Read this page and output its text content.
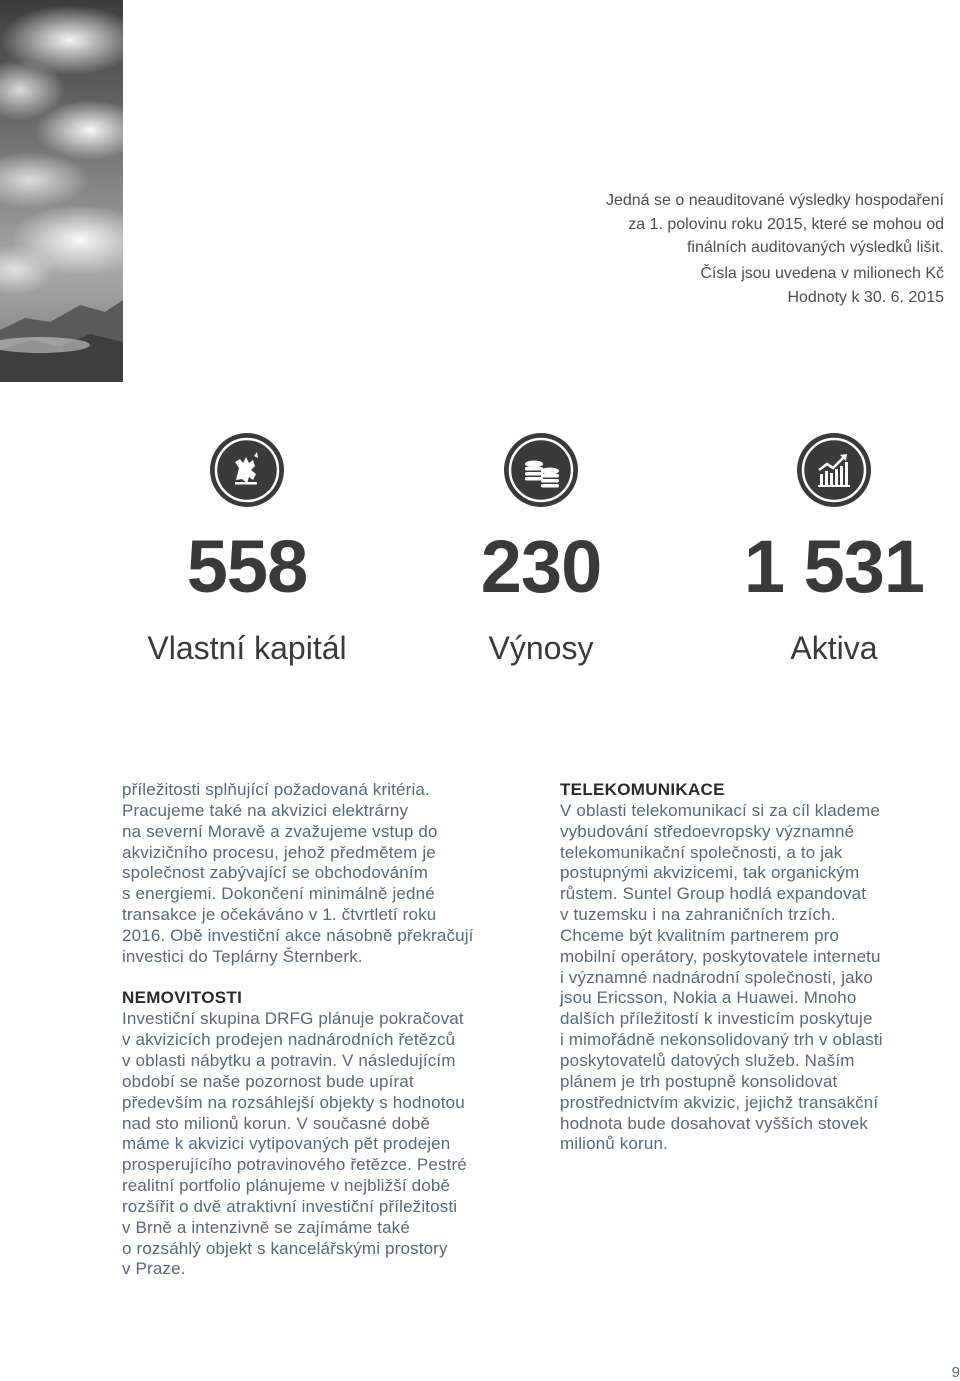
Jedná se o neauditované výsledky hospodaření

za 1. polovinu roku 2015, které se mohou od

finálních auditovaných výsledků lišit.

Čísla jsou uvedena v milionech Kč

Hodnoty k 30. 6. 2015

558
Vlastní kapitál
230
Výnosy
1 531
Aktiva

příležitosti splňující požadovaná kritéria.

Pracujeme také na akvizici elektrárny

na severní Moravě a zvažujeme vstup do

akvizičního procesu, jehož předmětem je

společnost zabývající se obchodováním

s energiemi. Dokončení minimálně jedné

transakce je očekáváno v 1. čtvrtletí roku

2016. Obě investiční akce násobně překračují

investici do Teplárny Šternberk.

NEMOVITOSTI

Investiční skupina DRFG plánuje pokračovat

v akvizicích prodejen nadnárodních řetězců

v oblasti nábytku a potravin. V následujícím

období se naše pozornost bude upírat

především na rozsáhlejší objekty s hodnotou

nad sto milionů korun. V současné době

máme k akvizici vytipovaných pět prodejen

prosperujícího potravinového řetězce. Pestré

realitní portfolio plánujeme v nejbližší době

rozšířit o dvě atraktivní investiční příležitosti

v Brně a intenzivně se zajímáme také

o rozsáhlý objekt s kancelářskými prostory

v Praze.

TELEKOMUNIKACE

V oblasti telekomunikací si za cíl klademe

vybudování středoevropsky významné

telekomunikační společnosti, a to jak

postupnými akvizicemi, tak organickým

růstem. Suntel Group hodlá expandovat

v tuzemsku i na zahraničních trzích.

Chceme být kvalitním partnerem pro

mobilní operátory, poskytovatele internetu

i významné nadnárodní společnosti, jako

jsou Ericsson, Nokia a Huawei. Mnoho

dalších příležitostí k investicím poskytuje

i mimořádně nekonsolidovaný trh v oblasti

poskytovatelů datových služeb. Naším

plánem je trh postupně konsolidovat

prostřednictvím akvizic, jejichž transakční

hodnota bude dosahovat vyšších stovek

milionů korun.

9
